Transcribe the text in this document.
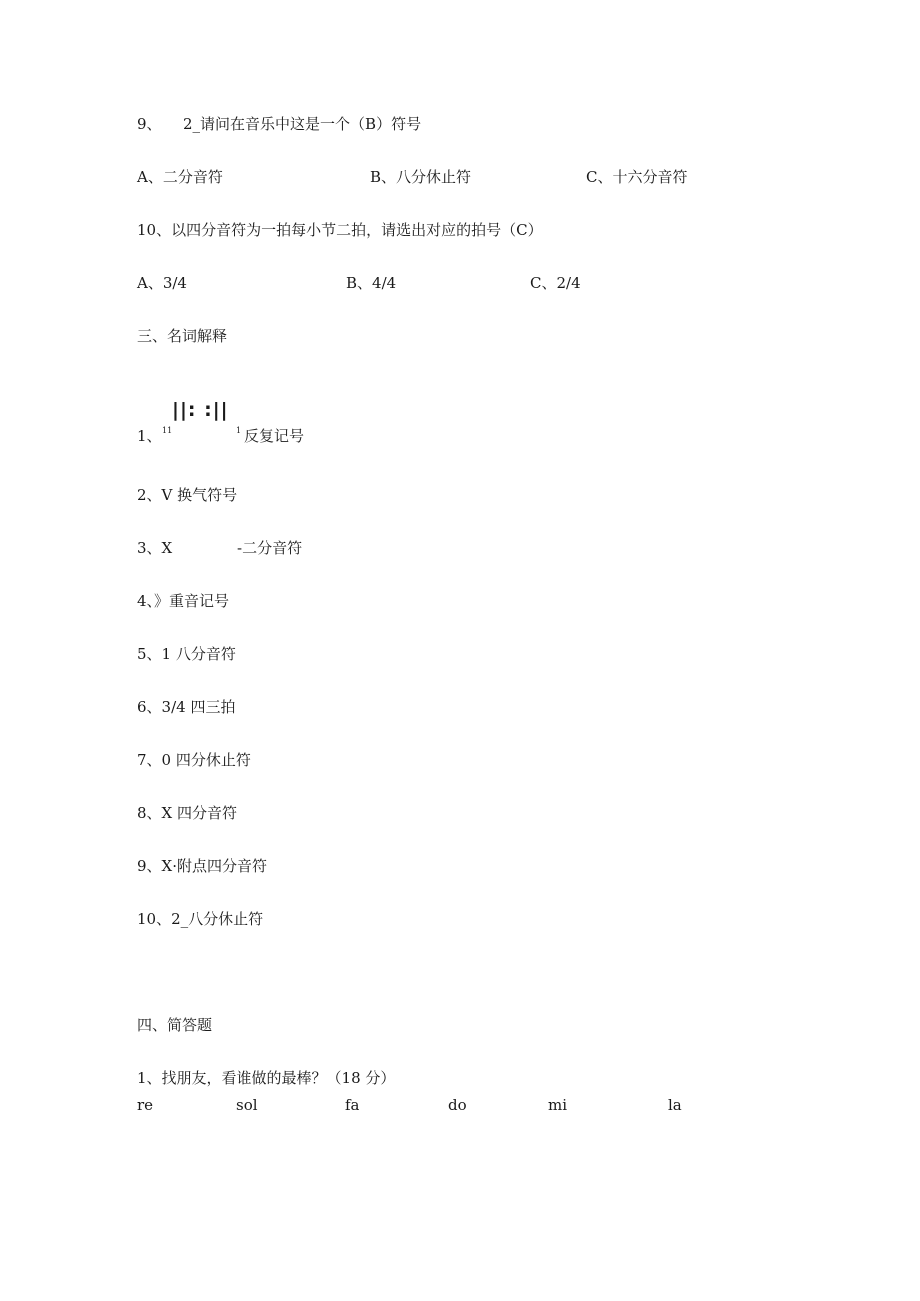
9、 2_请问在音乐中这是一个（B）符号
A、二分音符	B、八分休止符	C、十六分音符
10、以四分音符为一拍每小节二拍，请选出对应的拍号（C）
A、3/4	B、4/4	C、2/4
三、名词解释
||: :||
1、 11	1 反复记号
2、V 换气符号
3、X	-二分音符
4、》重音记号
5、1 八分音符
6、3/4 四三拍
7、0 四分休止符
8、X 四分音符
9、X·附点四分音符
10、2_八分休止符
四、简答题
1、找朋友，看谁做的最棒？（18 分）
re	sol	fa	do	mi	la
